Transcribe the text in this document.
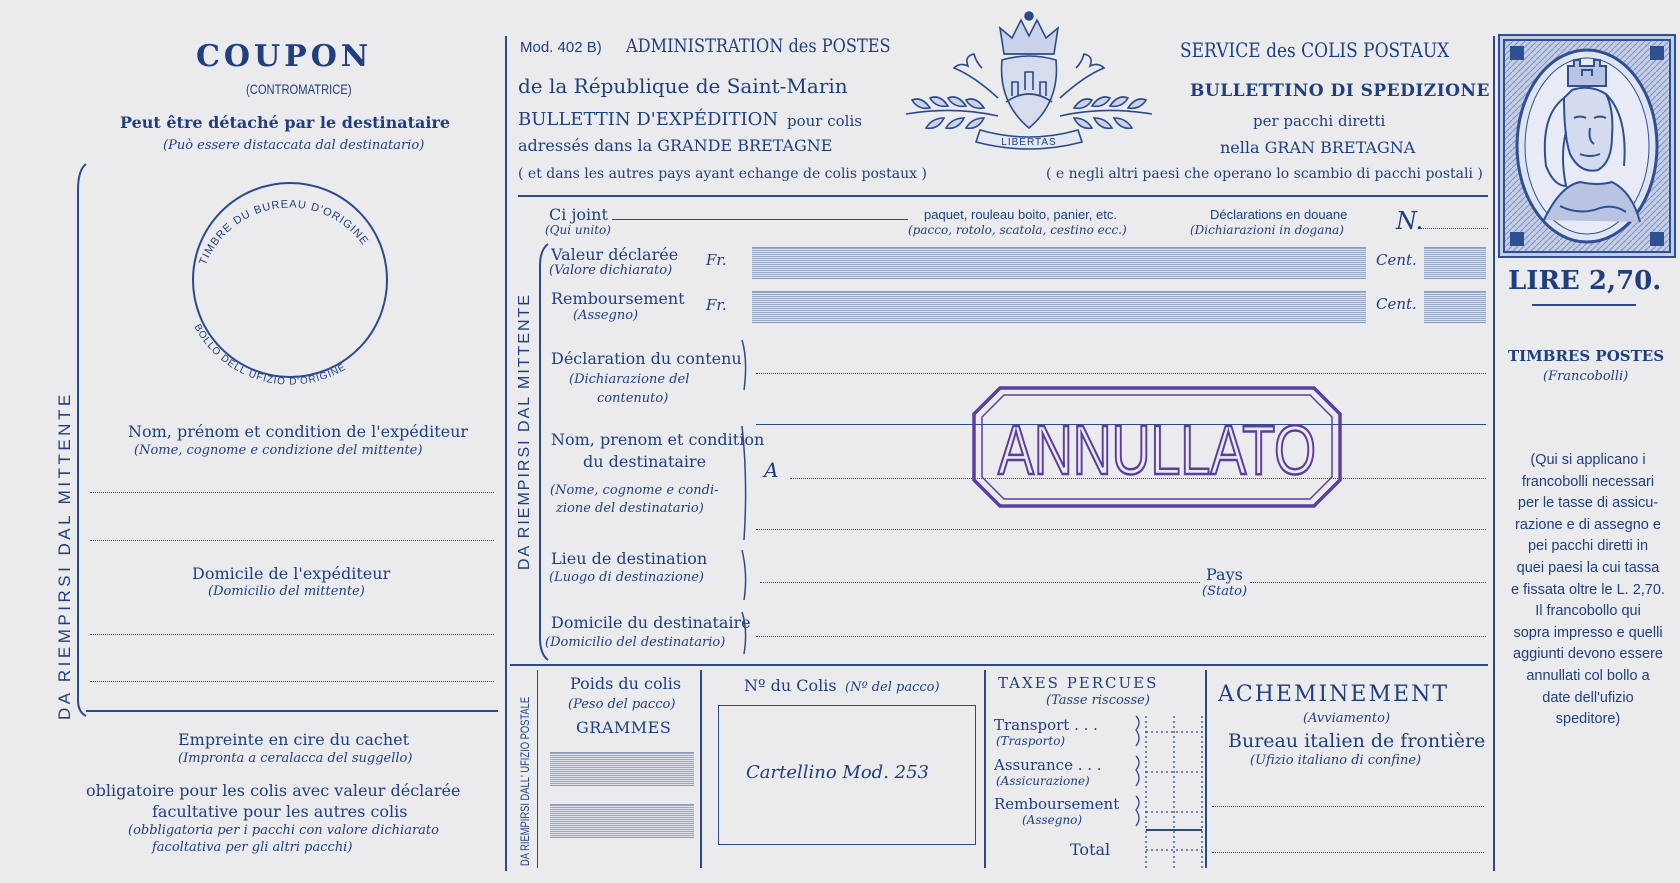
COUPON
(CONTROMATRICE)
Peut être détaché par le destinataire
(Può essere distaccata dal destinatario)
TIMBRE DU BUREAU D'ORIGINE
BOLLO DELL UFIZIO D'ORIGINE
Nom, prénom et condition de l'expéditeur
(Nome, cognome e condizione del mittente)
Domicile de l'expéditeur
(Domicilio del mittente)
Empreinte en cire du cachet
(Impronta a ceralacca del suggello)
obligatoire pour les colis avec valeur déclarée
facultative pour les autres colis
(obbligatoria per i pacchi con valore dichiarato
facoltativa per gli altri pacchi)
DA RIEMPIRSI DAL MITTENTE
Mod. 402 B) ADMINISTRATION des POSTES
de la République de Saint-Marin
BULLETTIN D'EXPÉDITION pour colis
adressés dans la GRANDE BRETAGNE
( et dans les autres pays ayant echange de colis postaux )
SERVICE des COLIS POSTAUX
BULLETTINO DI SPEDIZIONE
per pacchi diretti
nella GRAN BRETAGNA
( e negli altri paesi che operano lo scambio di pacchi postali )
LIBERTAS
Ci joint
(Qui unito)
paquet, rouleau boito, panier, etc.
(pacco, rotolo, scatola, cestino ecc.)
Déclarations en douane
(Dichiarazioni in dogana) N.
Valeur déclarée
(Valore dichiarato)
Fr.	Cent.
Remboursement
(Assegno)
Fr.	Cent.
Déclaration du contenu
(Dichiarazione del
contenuto)
Nom, prenom et condition
du destinataire
(Nome, cognome e condi-
zione del destinatario)
A
Lieu de destination
(Luogo di destinazione)	Pays
(Stato)
Domicile du destinataire
(Domicilio del destinatario)
DA RIEMPIRSI DAL MITTENTE	ANNULLATO
DA RIEMPIRSI DALL' UFIZIO POSTALE
Poids du colis
(Peso del pacco)
GRAMMES
Nº du Colis (Nº del pacco)
Cartellino Mod. 253
TAXES PERCUES
(Tasse riscosse)
Transport . . .
(Trasporto)
Assurance . . .
(Assicurazione)
Remboursement
(Assegno)
Total
ACHEMINEMENT
(Avviamento)
Bureau italien de frontière
(Ufizio italiano di confine)
LIRE 2,70.
TIMBRES POSTES
(Francobolli)
(Qui si applicano i
francobolli necessari
per le tasse di assicu-
razione e di assegno e
pei pacchi diretti in
quei paesi la cui tassa
e fissata oltre le L. 2,70.
Il francobollo qui
sopra impresso e quelli
aggiunti devono essere
annullati col bollo a
date dell'ufizio
speditore)
